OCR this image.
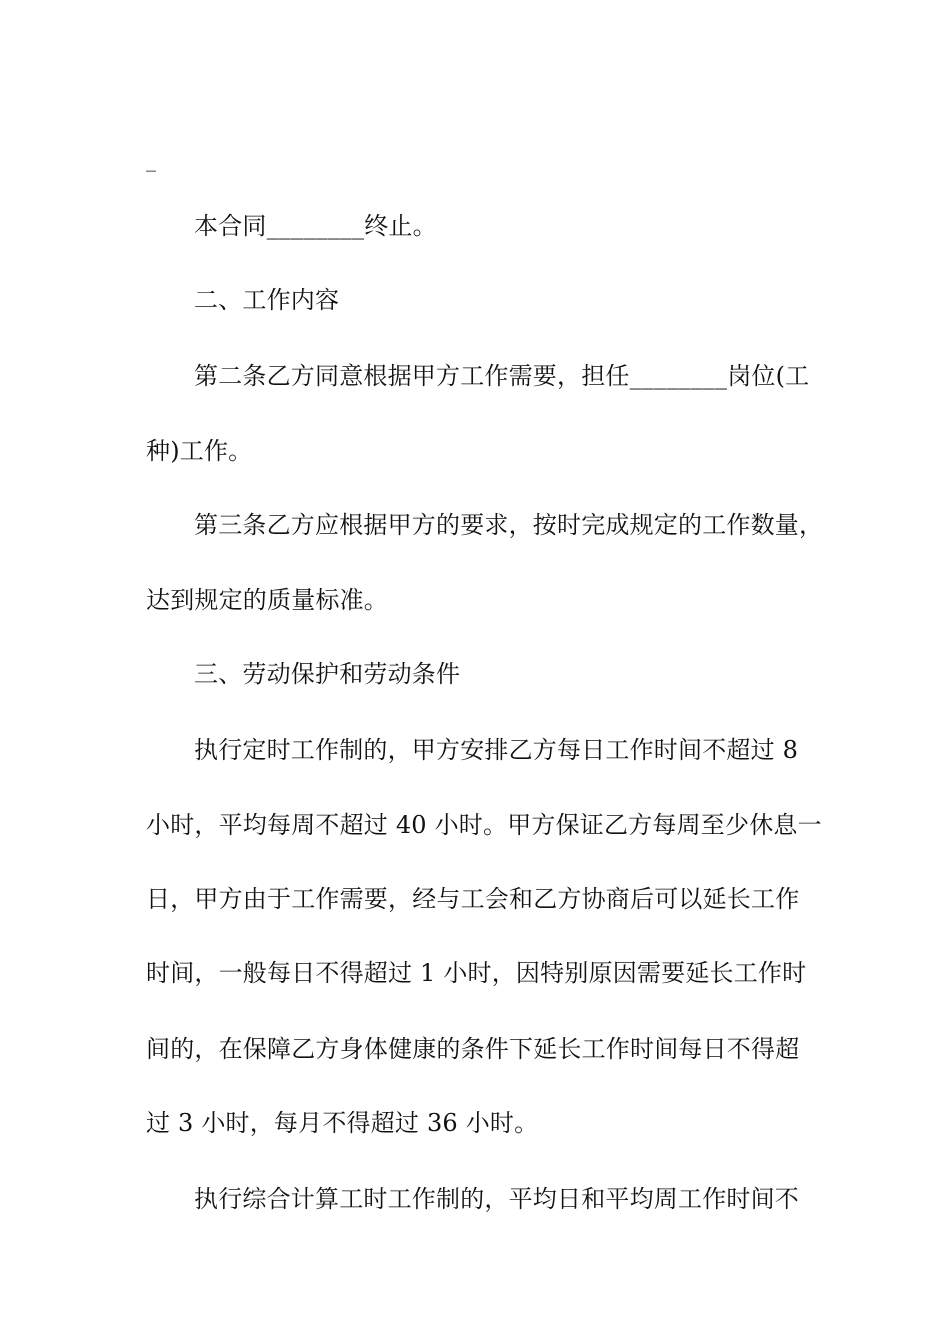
_
本合同________终止。
二、工作内容
第二条乙方同意根据甲方工作需要，担任________岗位(工
种)工作。
第三条乙方应根据甲方的要求，按时完成规定的工作数量，
达到规定的质量标准。
三、劳动保护和劳动条件
执行定时工作制的，甲方安排乙方每日工作时间不超过 8
小时，平均每周不超过 40 小时。甲方保证乙方每周至少休息一
日，甲方由于工作需要，经与工会和乙方协商后可以延长工作
时间，一般每日不得超过 1 小时，因特别原因需要延长工作时
间的，在保障乙方身体健康的条件下延长工作时间每日不得超
过 3 小时，每月不得超过 36 小时。
执行综合计算工时工作制的，平均日和平均周工作时间不
